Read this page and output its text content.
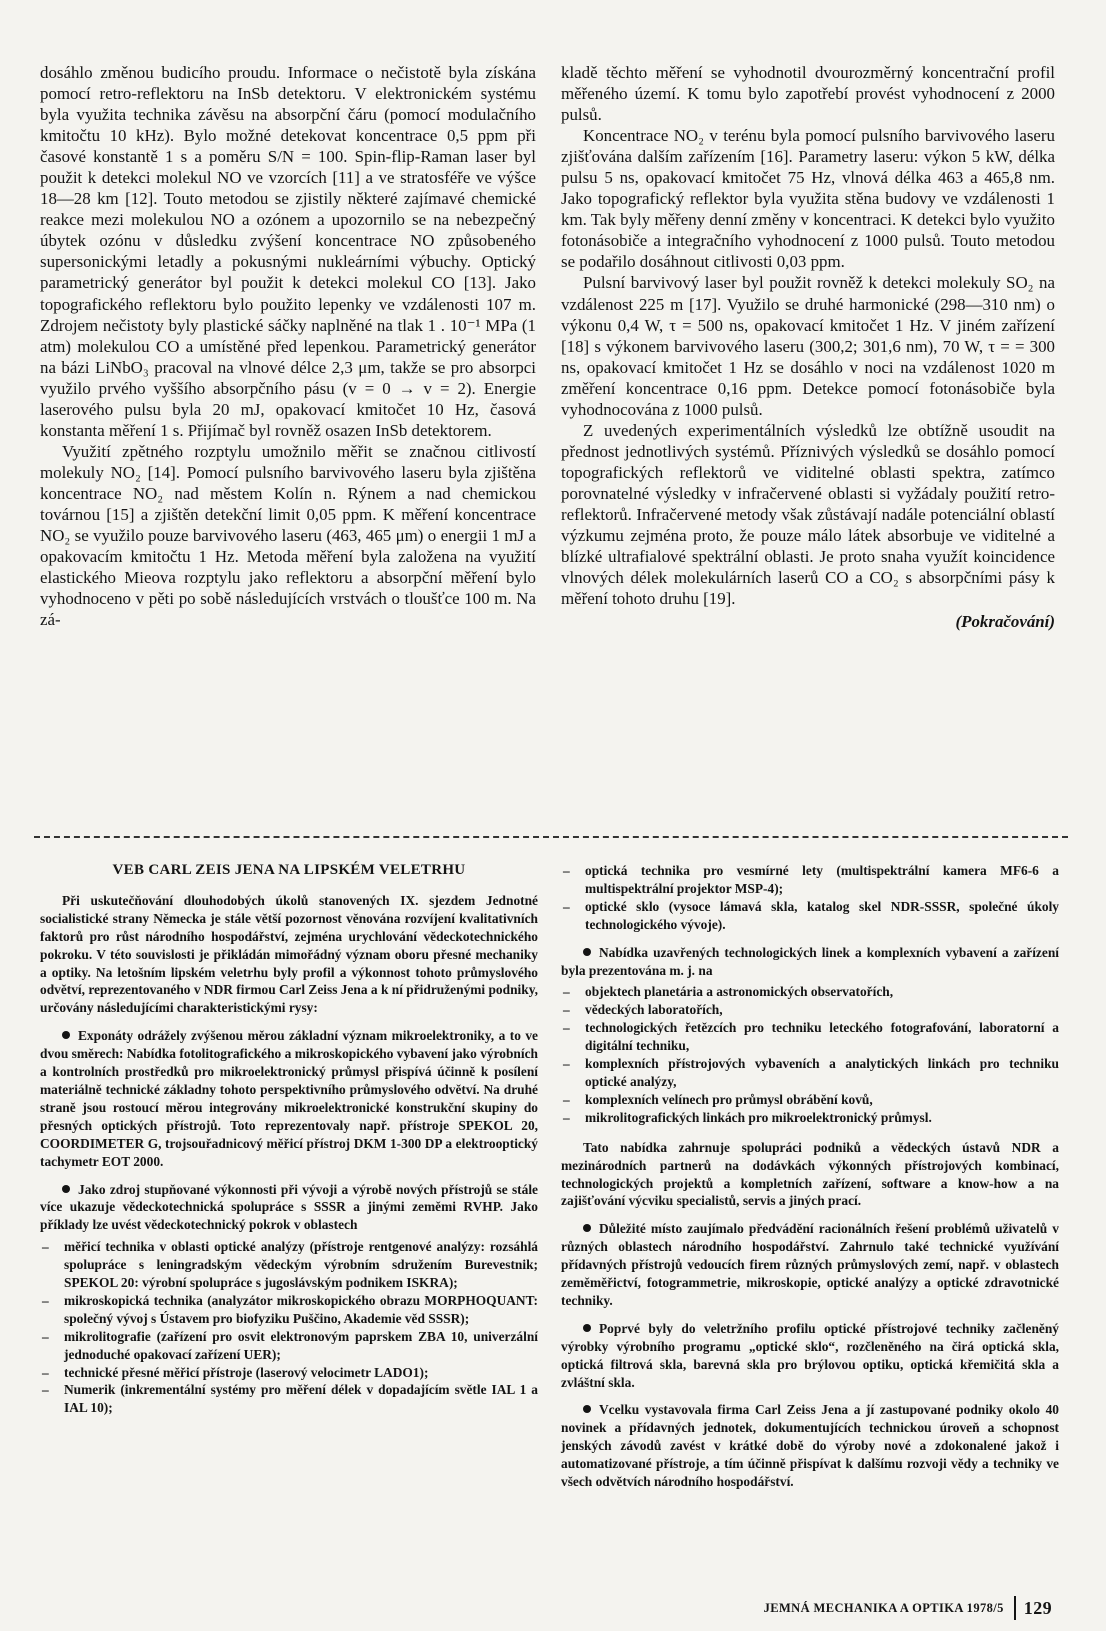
dosáhlo změnou budicího proudu. Informace o nečistotě byla získána pomocí retro-reflektoru na InSb detektoru. V elektronickém systému byla využita technika závěsu na absorpční čáru (pomocí modulačního kmitočtu 10 kHz). Bylo možné detekovat koncentrace 0,5 ppm při časové konstantě 1 s a poměru S/N = 100. Spin-flip-Raman laser byl použit k detekci molekul NO ve vzorcích [11] a ve stratosféře ve výšce 18—28 km [12]. Touto metodou se zjistily některé zajímavé chemické reakce mezi molekulou NO a ozónem a upozornilo se na nebezpečný úbytek ozónu v důsledku zvýšení koncentrace NO způsobeného supersonickými letadly a pokusnými nukleárními výbuchy. Optický parametrický generátor byl použit k detekci molekul CO [13]. Jako topografického reflektoru bylo použito lepenky ve vzdálenosti 107 m. Zdrojem nečistoty byly plastické sáčky naplněné na tlak 1 . 10⁻¹ MPa (1 atm) molekulou CO a umístěné před lepenkou. Parametrický generátor na bázi LiNbO₃ pracoval na vlnové délce 2,3 μm, takže se pro absorpci využilo prvého vyššího absorpčního pásu (v = 0 → v = 2). Energie laserového pulsu byla 20 mJ, opakovací kmitočet 10 Hz, časová konstanta měření 1 s. Přijímač byl rovněž osazen InSb detektorem.

Využití zpětného rozptylu umožnilo měřit se značnou citlivostí molekuly NO₂ [14]. Pomocí pulsního barvivového laseru byla zjištěna koncentrace NO₂ nad městem Kolín n. Rýnem a nad chemickou továrnou [15] a zjištěn detekční limit 0,05 ppm. K měření koncentrace NO₂ se využilo pouze barvivového laseru (463, 465 μm) o energii 1 mJ a opakovacím kmitočtu 1 Hz. Metoda měření byla založena na využití elastického Mieova rozptylu jako reflektoru a absorpční měření bylo vyhodnoceno v pěti po sobě následujících vrstvách o tloušťce 100 m. Na zá-

kladě těchto měření se vyhodnotil dvourozměrný koncentrační profil měřeného území. K tomu bylo zapotřebí provést vyhodnocení z 2000 pulsů.

Koncentrace NO₂ v terénu byla pomocí pulsního barvivového laseru zjišťována dalším zařízením [16]. Parametry laseru: výkon 5 kW, délka pulsu 5 ns, opakovací kmitočet 75 Hz, vlnová délka 463 a 465,8 nm. Jako topografický reflektor byla využita stěna budovy ve vzdálenosti 1 km. Tak byly měřeny denní změny v koncentraci. K detekci bylo využito fotonásobiče a integračního vyhodnocení z 1000 pulsů. Touto metodou se podařilo dosáhnout citlivosti 0,03 ppm.

Pulsní barvivový laser byl použit rovněž k detekci molekuly SO₂ na vzdálenost 225 m [17]. Využilo se druhé harmonické (298—310 nm) o výkonu 0,4 W, τ = 500 ns, opakovací kmitočet 1 Hz. V jiném zařízení [18] s výkonem barvivového laseru (300,2; 301,6 nm), 70 W, τ = = 300 ns, opakovací kmitočet 1 Hz se dosáhlo v noci na vzdálenost 1020 m změření koncentrace 0,16 ppm. Detekce pomocí fotonásobiče byla vyhodnocována z 1000 pulsů.

Z uvedených experimentálních výsledků lze obtížně usoudit na přednost jednotlivých systémů. Příznivých výsledků se dosáhlo pomocí topografických reflektorů ve viditelné oblasti spektra, zatímco porovnatelné výsledky v infračervené oblasti si vyžádaly použití retro-reflektorů. Infračervené metody však zůstávají nadále potenciální oblastí výzkumu zejména proto, že pouze málo látek absorbuje ve viditelné a blízké ultrafialové spektrální oblasti. Je proto snaha využít koincidence vlnových délek molekulárních laserů CO a CO₂ s absorpčními pásy k měření tohoto druhu [19].

(Pokračování)

VEB CARL ZEIS JENA NA LIPSKÉM VELETRHU

Při uskutečňování dlouhodobých úkolů stanovených IX. sjezdem Jednotné socialistické strany Německa je stále větší pozornost věnována rozvíjení kvalitativních faktorů pro růst národního hospodářství, zejména urychlování vědeckotechnického pokroku. V této souvislosti je přikládán mimořádný význam oboru přesné mechaniky a optiky. Na letošním lipském veletrhu byly profil a výkonnost tohoto průmyslového odvětví, reprezentovaného v NDR firmou Carl Zeiss Jena a k ní přidruženými podniky, určovány následujícími charakteristickými rysy:

Exponáty odrážely zvýšenou měrou základní význam mikroelektroniky, a to ve dvou směrech: Nabídka fotolitografického a mikroskopického vybavení jako výrobních a kontrolních prostředků pro mikroelektronický průmysl přispívá účinně k posílení materiálně technické základny tohoto perspektivního průmyslového odvětví. Na druhé straně jsou rostoucí měrou integrovány mikroelektronické konstrukční skupiny do přesných optických přístrojů. Toto reprezentovaly např. přístroje SPEKOL 20, COORDIMETER G, trojsouřadnicový měřicí přístroj DKM 1-300 DP a elektrooptický tachymetr EOT 2000.

Jako zdroj stupňované výkonnosti při vývoji a výrobě nových přístrojů se stále více ukazuje vědeckotechnická spolupráce s SSSR a jinými zeměmi RVHP. Jako příklady lze uvést vědeckotechnický pokrok v oblastech

– měřicí technika v oblasti optické analýzy (přístroje rentgenové analýzy: rozsáhlá spolupráce s leningradským vědeckým výrobním sdružením Burevestnik; SPEKOL 20: výrobní spolupráce s jugoslávským podnikem ISKRA);
– mikroskopická technika (analyzátor mikroskopického obrazu MORPHOQUANT: společný vývoj s Ústavem pro biofyziku Puščino, Akademie věd SSSR);
– mikrolitografie (zařízení pro osvit elektronovým paprskem ZBA 10, univerzální jednoduché opakovací zařízení UER);
– technické přesné měřicí přístroje (laserový velocimetr LADO1);
– Numerik (inkrementální systémy pro měření délek v dopadajícím světle IAL 1 a IAL 10);
– optická technika pro vesmírné lety (multispektrální kamera MF6-6 a multispektrální projektor MSP-4);
– optické sklo (vysoce lámavá skla, katalog skel NDR-SSSR, společné úkoly technologického vývoje).

Nabídka uzavřených technologických linek a komplexních vybavení a zařízení byla prezentována m. j. na

– objektech planetária a astronomických observatořích,
– vědeckých laboratořích,
– technologických řetězcích pro techniku leteckého fotografování, laboratorní a digitální techniku,
– komplexních přístrojových vybaveních a analytických linkách pro techniku optické analýzy,
– komplexních velínech pro průmysl obrábění kovů,
– mikrolitografických linkách pro mikroelektronický průmysl.

Tato nabídka zahrnuje spolupráci podniků a vědeckých ústavů NDR a mezinárodních partnerů na dodávkách výkonných přístrojových kombinací, technologických projektů a kompletních zařízení, software a know-how a na zajišťování výcviku specialistů, servis a jiných prací.

Důležité místo zaujímalo předvádění racionálních řešení problémů uživatelů v různých oblastech národního hospodářství. Zahrnulo také technické využívání přídavných přístrojů vedoucích firem různých průmyslových zemí, např. v oblastech zeměměřictví, fotogrammetrie, mikroskopie, optické analýzy a optické zdravotnické techniky.

Poprvé byly do veletržního profilu optické přístrojové techniky začleněný výrobky výrobního programu „optické sklo“, rozčleněného na čirá optická skla, optická filtrová skla, barevná skla pro brýlovou optiku, optická křemičitá skla a zvláštní skla.

Vcelku vystavovala firma Carl Zeiss Jena a jí zastupované podniky okolo 40 novinek a přídavných jednotek, dokumentujících technickou úroveň a schopnost jenských závodů zavést v krátké době do výroby nové a zdokonalené jakož i automatizované přístroje, a tím účinně přispívat k dalšímu rozvoji vědy a techniky ve všech odvětvích národního hospodářství.

JEMNÁ MECHANIKA A OPTIKA 1978/5 129
